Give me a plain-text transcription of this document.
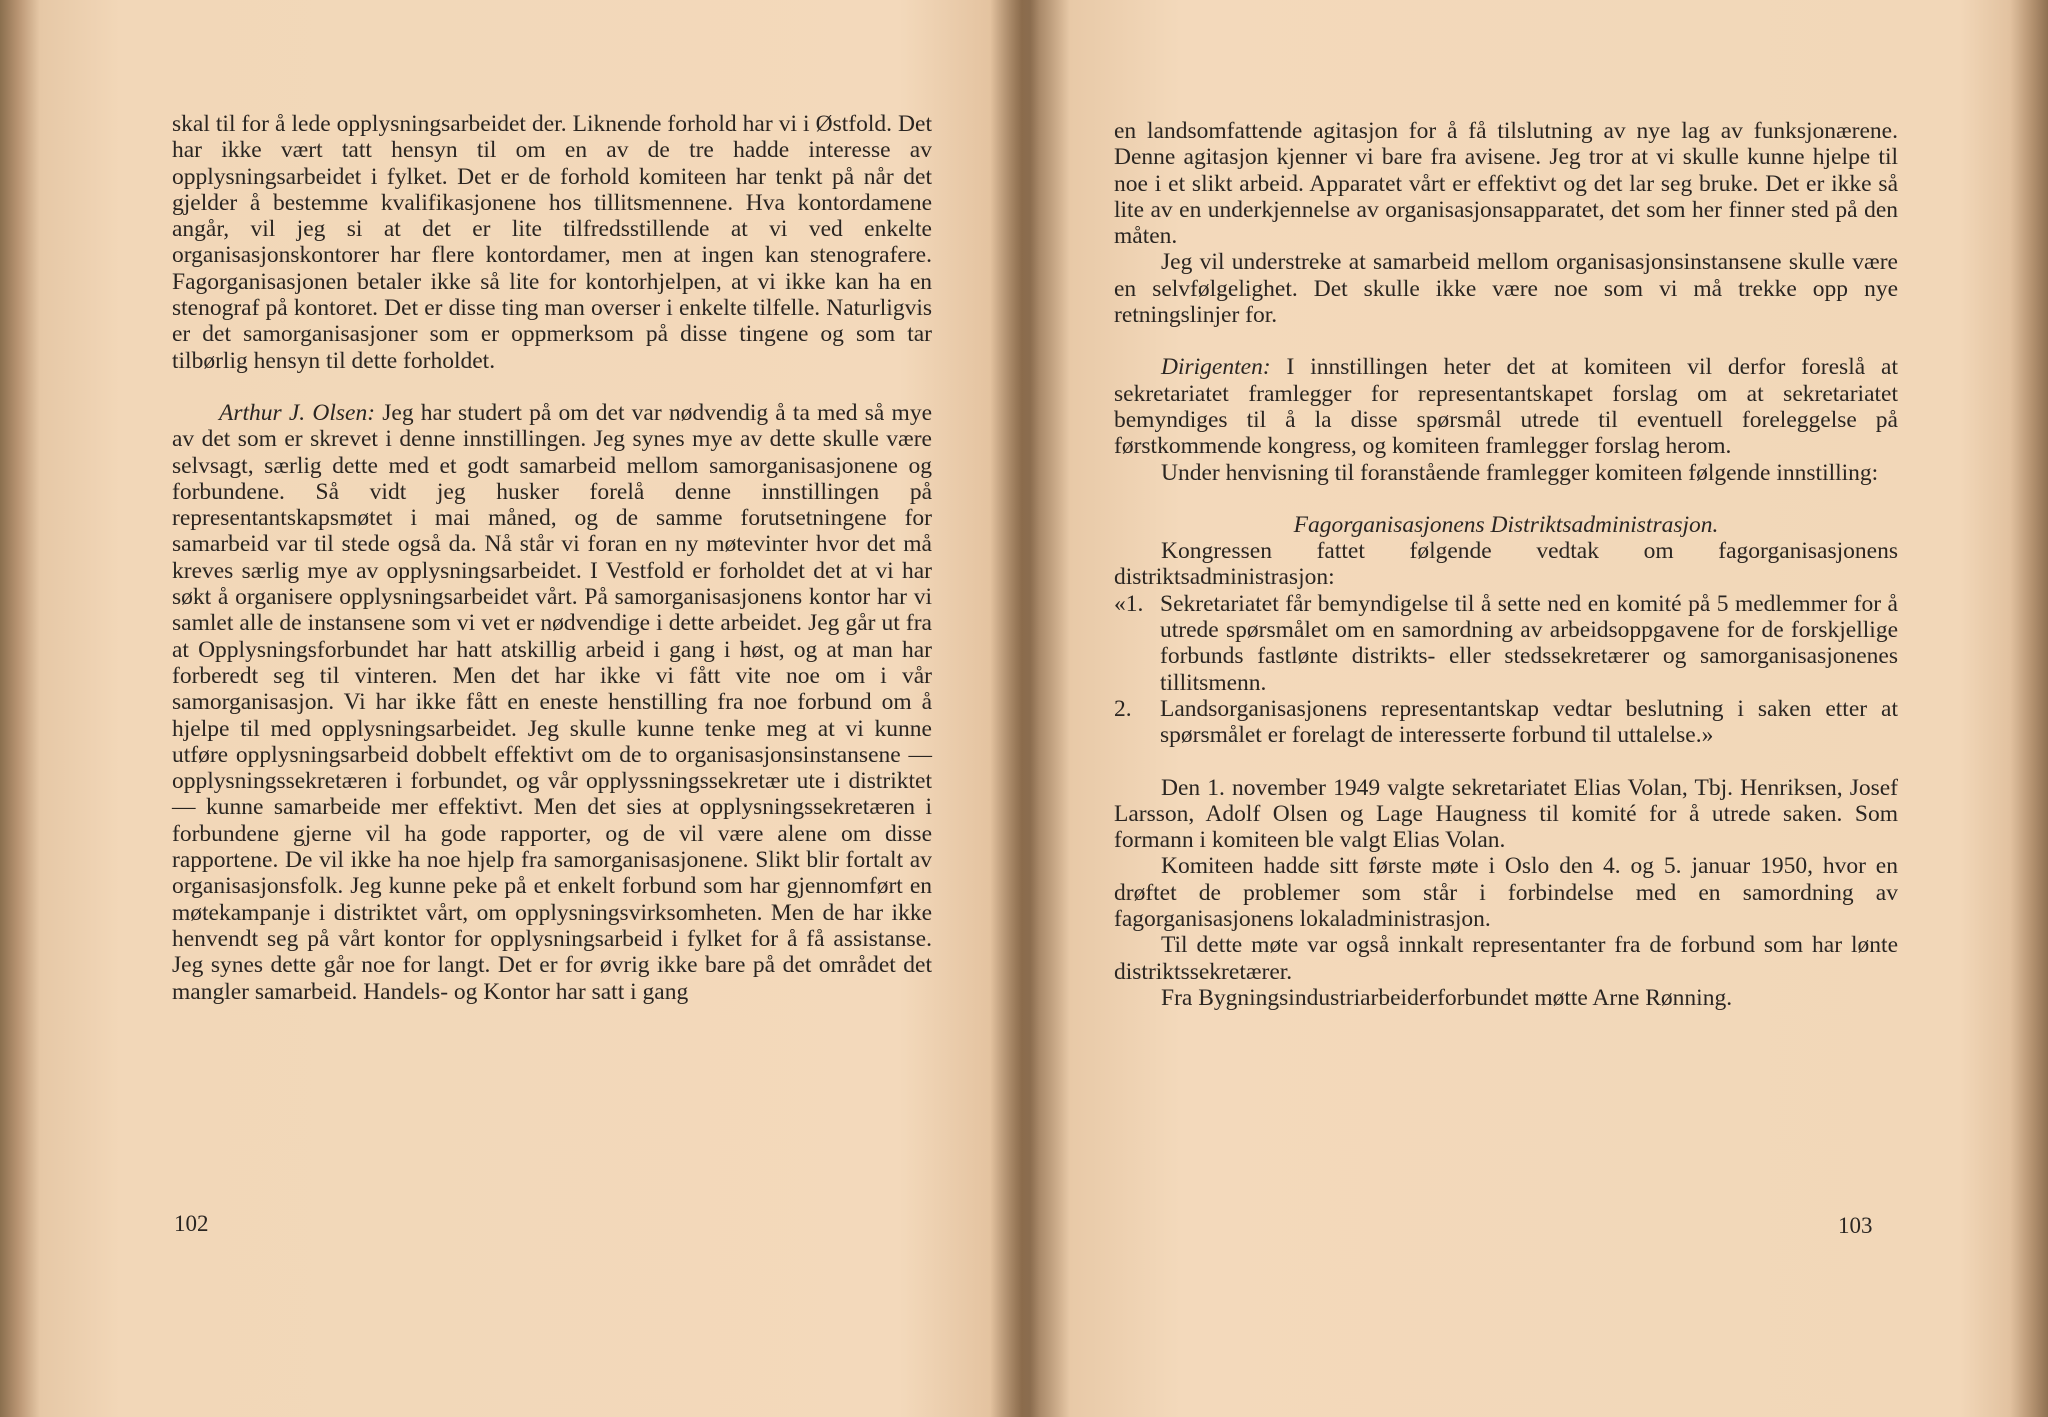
skal til for å lede opplysningsarbeidet der. Liknende forhold har vi i Østfold. Det har ikke vært tatt hensyn til om en av de tre hadde interesse av opplysningsarbeidet i fylket. Det er de forhold komiteen har tenkt på når det gjelder å bestemme kvalifikasjonene hos tillitsmennene. Hva kontordamene angår, vil jeg si at det er lite tilfredsstillende at vi ved enkelte organisasjonskontorer har flere kontordamer, men at ingen kan stenografere. Fagorganisasjonen betaler ikke så lite for kontorhjelpen, at vi ikke kan ha en stenograf på kontoret. Det er disse ting man overser i enkelte tilfelle. Naturligvis er det samorganisasjoner som er oppmerksom på disse tingene og som tar tilbørlig hensyn til dette forholdet.

Arthur J. Olsen: Jeg har studert på om det var nødvendig å ta med så mye av det som er skrevet i denne innstillingen. Jeg synes mye av dette skulle være selvsagt, særlig dette med et godt samarbeid mellom samorganisasjonene og forbundene. Så vidt jeg husker forelå denne innstillingen på representantskapsmøtet i mai måned, og de samme forutsetningene for samarbeid var til stede også da. Nå står vi foran en ny møtevinter hvor det må kreves særlig mye av opplysningsarbeidet. I Vestfold er forholdet det at vi har søkt å organisere opplysningsarbeidet vårt. På samorganisasjonens kontor har vi samlet alle de instansene som vi vet er nødvendige i dette arbeidet. Jeg går ut fra at Opplysningsforbundet har hatt atskillig arbeid i gang i høst, og at man har forberedt seg til vinteren. Men det har ikke vi fått vite noe om i vår samorganisasjon. Vi har ikke fått en eneste henstilling fra noe forbund om å hjelpe til med opplysningsarbeidet. Jeg skulle kunne tenke meg at vi kunne utføre opplysningsarbeid dobbelt effektivt om de to organisasjonsinstansene — opplysningssekretæren i forbundet, og vår opplyssningssekretær ute i distriktet — kunne samarbeide mer effektivt. Men det sies at opplysningssekretæren i forbundene gjerne vil ha gode rapporter, og de vil være alene om disse rapportene. De vil ikke ha noe hjelp fra samorganisasjonene. Slikt blir fortalt av organisasjonsfolk. Jeg kunne peke på et enkelt forbund som har gjennomført en møtekampanje i distriktet vårt, om opplysningsvirksomheten. Men de har ikke henvendt seg på vårt kontor for opplysningsarbeid i fylket for å få assistanse. Jeg synes dette går noe for langt. Det er for øvrig ikke bare på det området det mangler samarbeid. Handels- og Kontor har satt i gang

102

en landsomfattende agitasjon for å få tilslutning av nye lag av funksjonærene. Denne agitasjon kjenner vi bare fra avisene. Jeg tror at vi skulle kunne hjelpe til noe i et slikt arbeid. Apparatet vårt er effektivt og det lar seg bruke. Det er ikke så lite av en underkjennelse av organisasjonsapparatet, det som her finner sted på den måten.

Jeg vil understreke at samarbeid mellom organisasjonsinstansene skulle være en selvfølgelighet. Det skulle ikke være noe som vi må trekke opp nye retningslinjer for.

Dirigenten: I innstillingen heter det at komiteen vil derfor foreslå at sekretariatet framlegger for representantskapet forslag om at sekretariatet bemyndiges til å la disse spørsmål utrede til eventuell foreleggelse på førstkommende kongress, og komiteen framlegger forslag herom.

Under henvisning til foranstående framlegger komiteen følgende innstilling:

Fagorganisasjonens Distriktsadministrasjon.

Kongressen fattet følgende vedtak om fagorganisasjonens distriktsadministrasjon:

«1. Sekretariatet får bemyndigelse til å sette ned en komité på 5 medlemmer for å utrede spørsmålet om en samordning av arbeidsoppgavene for de forskjellige forbunds fastlønte distrikts- eller stedssekretærer og samorganisasjonenes tillitsmenn.
2. Landsorganisasjonens representantskap vedtar beslutning i saken etter at spørsmålet er forelagt de interesserte forbund til uttalelse.»

Den 1. november 1949 valgte sekretariatet Elias Volan, Tbj. Henriksen, Josef Larsson, Adolf Olsen og Lage Haugness til komité for å utrede saken. Som formann i komiteen ble valgt Elias Volan.

Komiteen hadde sitt første møte i Oslo den 4. og 5. januar 1950, hvor en drøftet de problemer som står i forbindelse med en samordning av fagorganisasjonens lokaladministrasjon.

Til dette møte var også innkalt representanter fra de forbund som har lønte distriktssekretærer.

Fra Bygningsindustriarbeiderforbundet møtte Arne Rønning.

103
